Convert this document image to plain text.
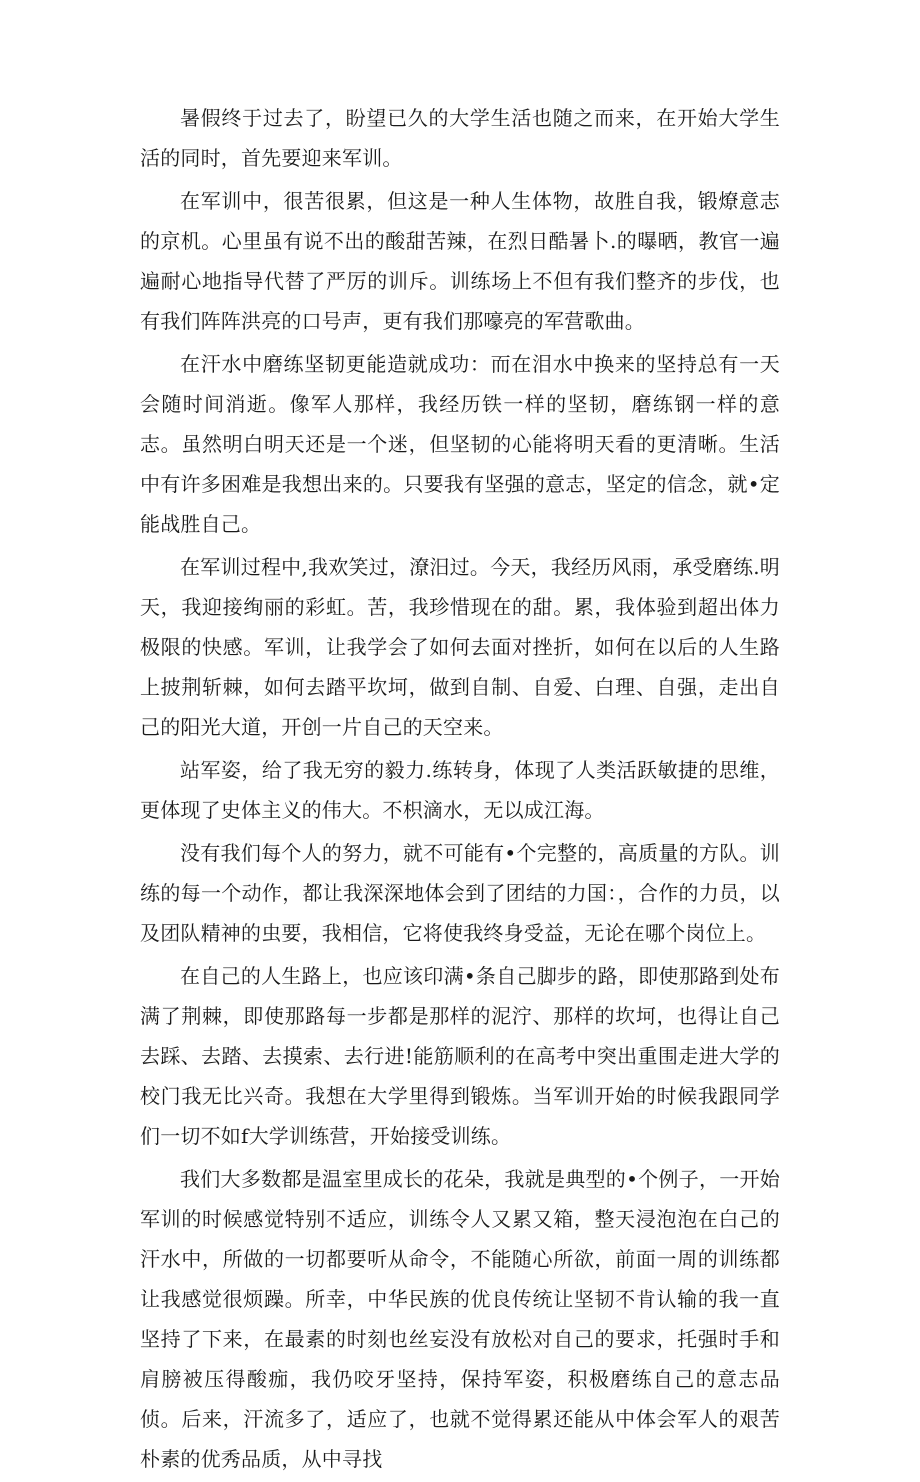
暑假终于过去了，盼望已久的大学生活也随之而来，在开始大学生活的同时，首先要迎来军训。

在军训中，很苦很累，但这是一种人生体物，故胜自我，锻燎意志的京机。心里虽有说不出的酸甜苦辣，在烈日酷暑卜.的曝晒，教官一遍遍耐心地指导代替了严厉的训斥。训练场上不但有我们整齐的步伐，也有我们阵阵洪亮的口号声，更有我们那嚎亮的军营歌曲。

在汗水中磨练坚韧更能造就成功：而在泪水中换来的坚持总有一天会随时间消逝。像军人那样，我经历铁一样的坚韧，磨练钢一样的意志。虽然明白明天还是一个迷，但坚韧的心能将明天看的更清晰。生活中有许多困难是我想出来的。只要我有坚强的意志，坚定的信念，就•定能战胜自己。

在军训过程中,我欢笑过，潦汨过。今天，我经历风雨，承受磨练.明天，我迎接绚丽的彩虹。苦，我珍惜现在的甜。累，我体验到超出体力极限的快感。军训，让我学会了如何去面对挫折，如何在以后的人生路上披荆斩棘，如何去踏平坎坷，做到自制、自爱、白理、自强，走出自己的阳光大道，开创一片自己的天空来。

站军姿，给了我无穷的毅力.练转身，体现了人类活跃敏捷的思维，更体现了史体主义的伟大。不枳滴水，无以成江海。

没有我们每个人的努力，就不可能有•个完整的，高质量的方队。训练的每一个动作，都让我深深地体会到了团结的力国：，合作的力员，以及团队精神的虫要，我相信，它将使我终身受益，无论在哪个岗位上。

在自己的人生路上，也应该印满•条自己脚步的路，即使那路到处布满了荆棘，即使那路每一步都是那样的泥泞、那样的坎坷，也得让自己去踩、去踏、去摸索、去行进!能筋顺利的在高考中突出重围走进大学的校门我无比兴奇。我想在大学里得到锻炼。当军训开始的时候我跟同学们一切不如f大学训练营，开始接受训练。

我们大多数都是温室里成长的花朵，我就是典型的•个例子，一开始军训的时候感觉特别不适应，训练令人又累又箱，整天浸泡泡在白己的汗水中，所做的一切都要听从命令，不能随心所欲，前面一周的训练都让我感觉很烦躁。所幸，中华民族的优良传统让坚韧不肯认输的我一直坚持了下来，在最素的时刻也丝妄没有放松对自己的要求，托强时手和肩膀被压得酸痂，我仍咬牙坚持，保持军姿，积极磨练自己的意志品侦。后来，汗流多了，适应了，也就不觉得累还能从中体会军人的艰苦朴素的优秀品质，从中寻找
